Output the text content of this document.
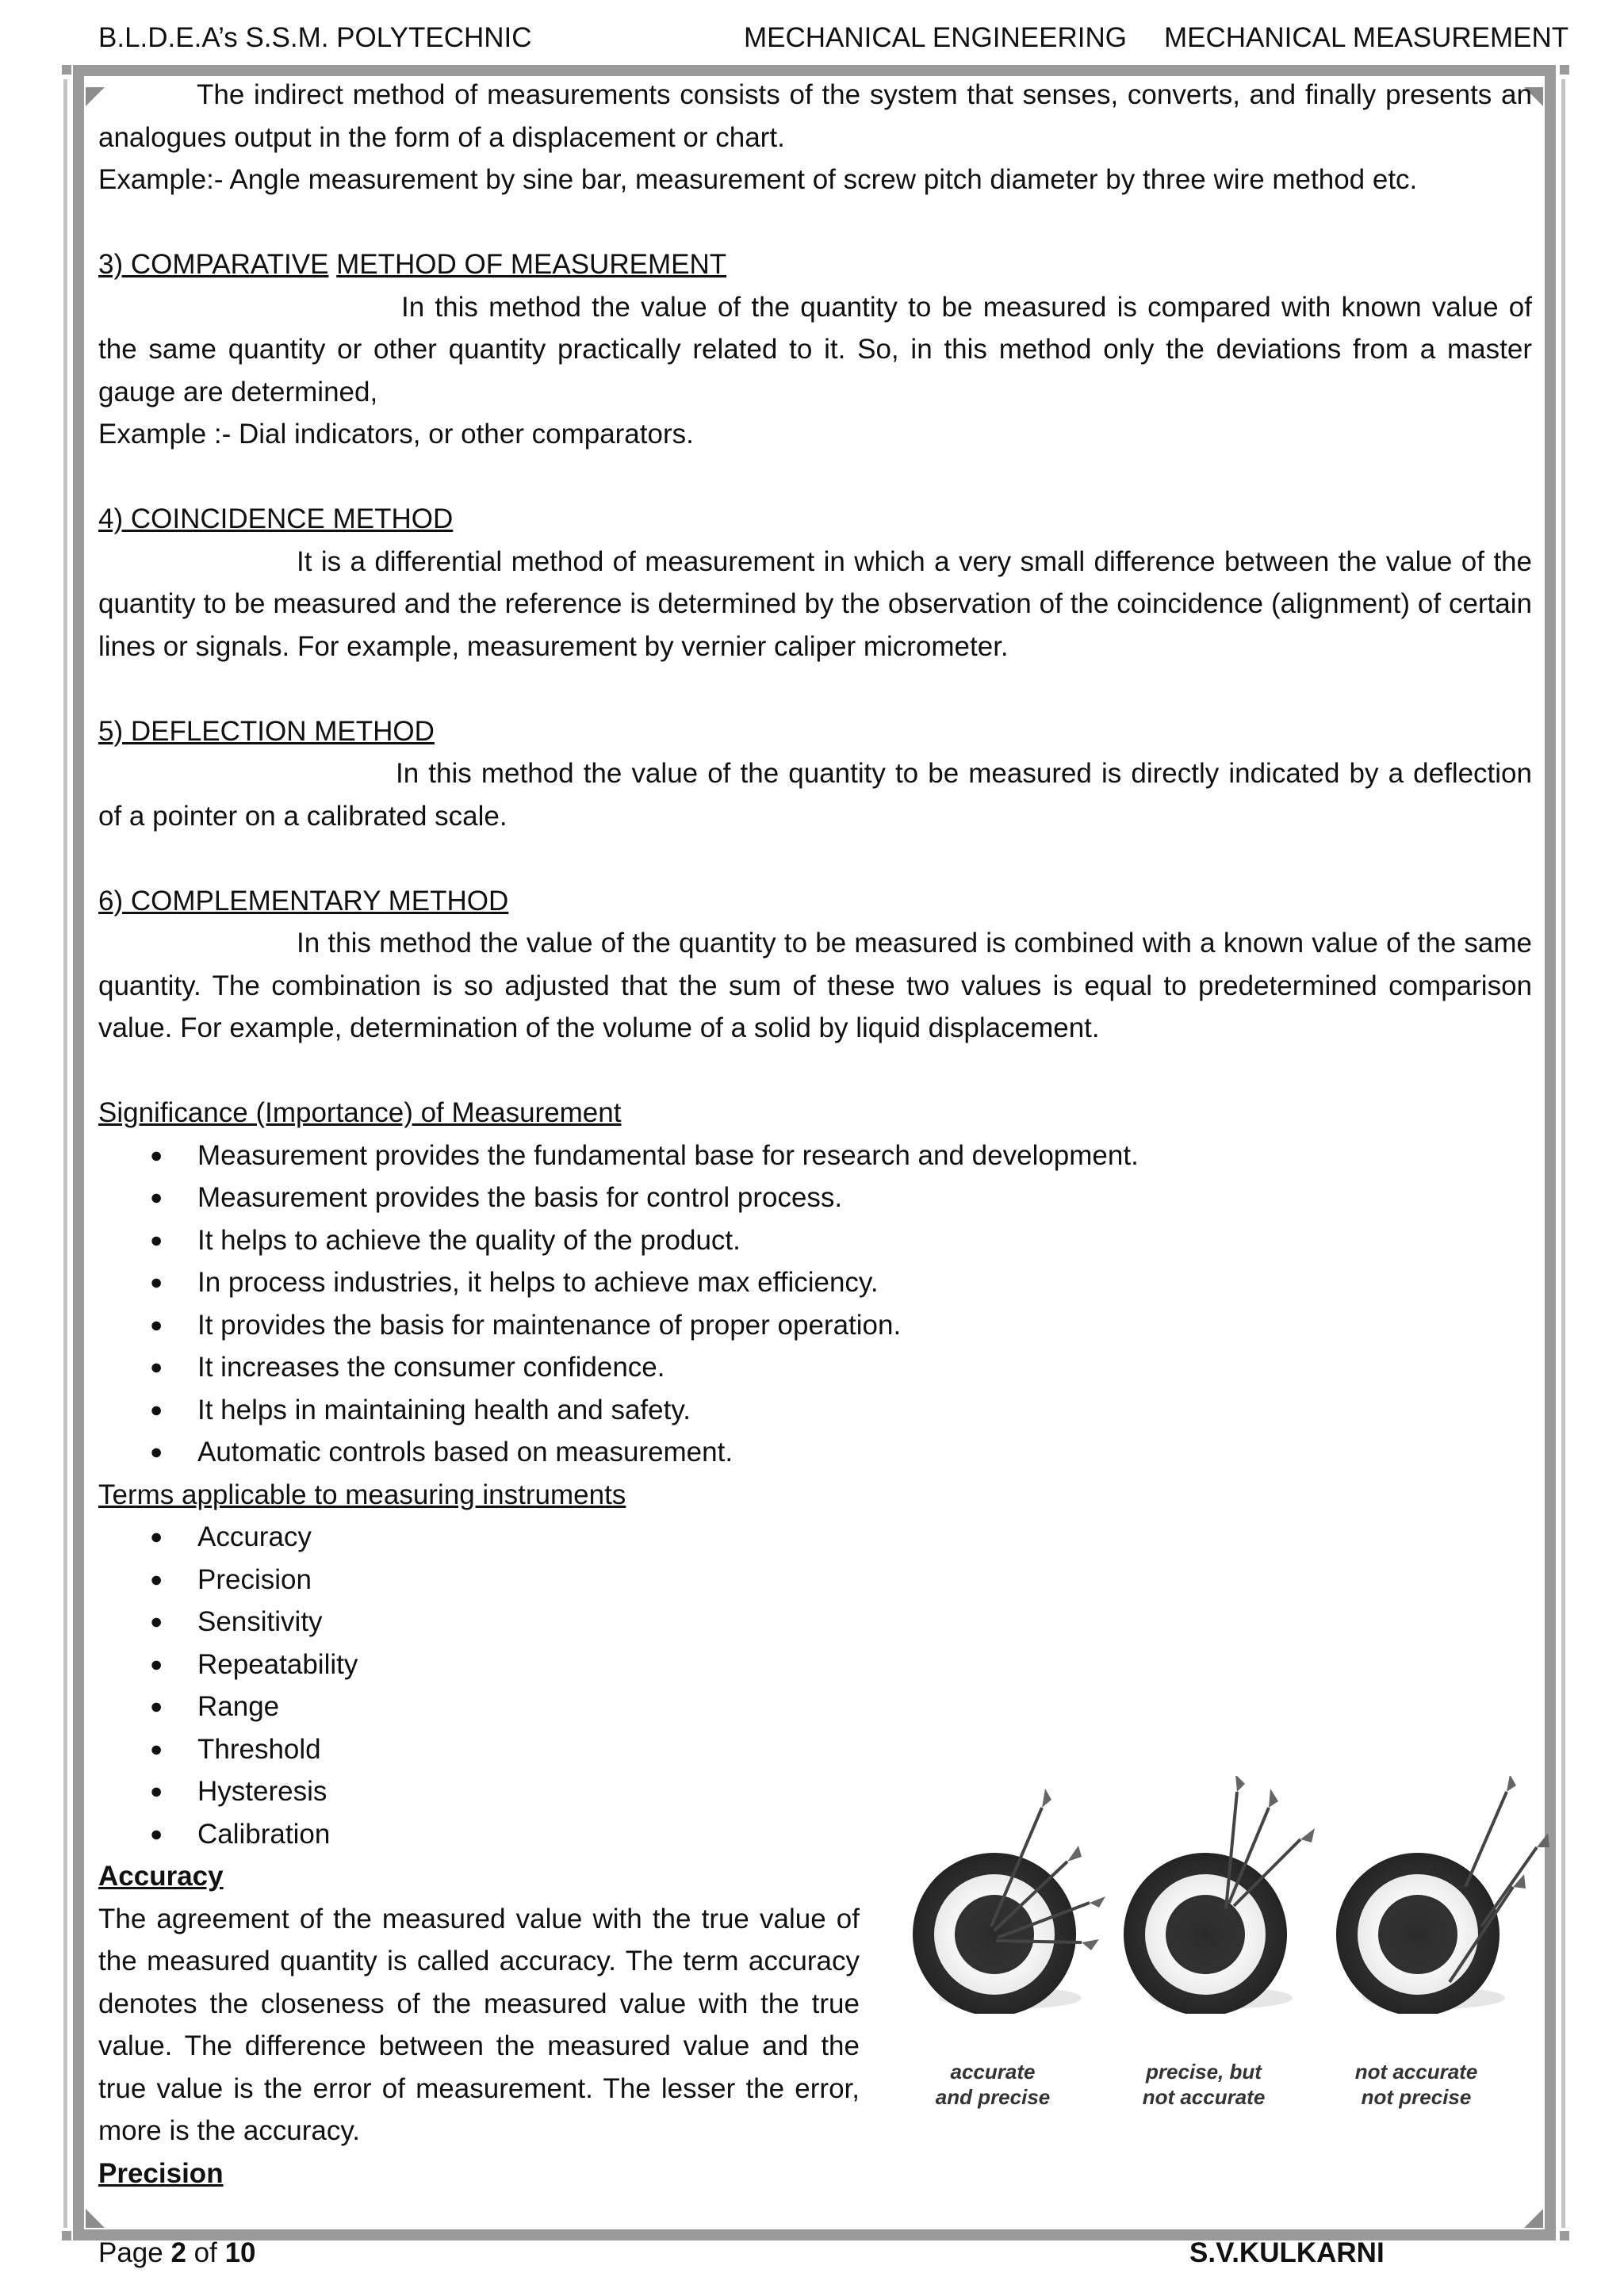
B.L.D.E.A’s S.S.M. POLYTECHNIC	MECHANICAL ENGINEERING MECHANICAL MEASUREMENT

The indirect method of measurements consists of the system that senses, converts, and finally presents an analogues output in the form of a displacement or chart.

Example:- Angle measurement by sine bar, measurement of screw pitch diameter by three wire method etc.

3) COMPARATIVE METHOD OF MEASUREMENT

In this method the value of the quantity to be measured is compared with known value of the same quantity or other quantity practically related to it. So, in this method only the deviations from a master gauge are determined,

Example :- Dial indicators, or other comparators.

4) COINCIDENCE METHOD

It is a differential method of measurement in which a very small difference between the value of the quantity to be measured and the reference is determined by the observation of the coincidence (alignment) of certain lines or signals. For example, measurement by vernier caliper micrometer.

5) DEFLECTION METHOD

In this method the value of the quantity to be measured is directly indicated by a deflection of a pointer on a calibrated scale.

6) COMPLEMENTARY METHOD

In this method the value of the quantity to be measured is combined with a known value of the same quantity. The combination is so adjusted that the sum of these two values is equal to predetermined comparison value. For example, determination of the volume of a solid by liquid displacement.

Significance (Importance) of Measurement

● Measurement provides the fundamental base for research and development.
● Measurement provides the basis for control process.
● It helps to achieve the quality of the product.
● In process industries, it helps to achieve max efficiency.
● It provides the basis for maintenance of proper operation.
● It increases the consumer confidence.
● It helps in maintaining health and safety.
● Automatic controls based on measurement.

Terms applicable to measuring instruments

● Accuracy
● Precision
● Sensitivity
● Repeatability
● Range
● Threshold
● Hysteresis
● Calibration

Accuracy

The agreement of the measured value with the true value of the measured quantity is called accuracy. The term accuracy denotes the closeness of the measured value with the true value. The difference between the measured value and the true value is the error of measurement. The lesser the error, more is the accuracy.

Precision

accurate
and precise
precise, but
not accurate
not accurate
not precise
Page 2 of 10	S.V.KULKARNI
